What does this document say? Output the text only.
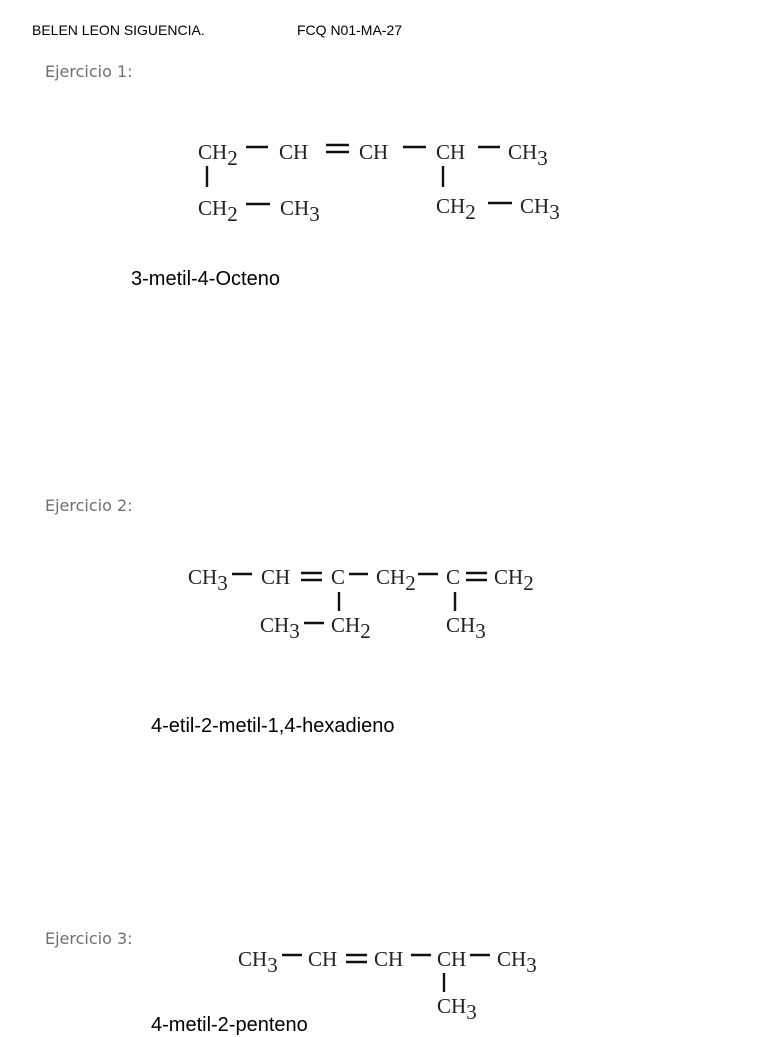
BELEN LEON SIGUENCIA.	FCQ N01-MA-27
Ejercicio 1:
CH2 CH CH CH CH3
CH2 CH3	CH2 CH3
3-metil-4-Octeno
Ejercicio 2:
CH3 CH C CH2 C CH2
CH3 CH2	CH3
4-etil-2-metil-1,4-hexadieno
Ejercicio 3:
CH3 CH CH CH CH3
CH3
4-metil-2-penteno
